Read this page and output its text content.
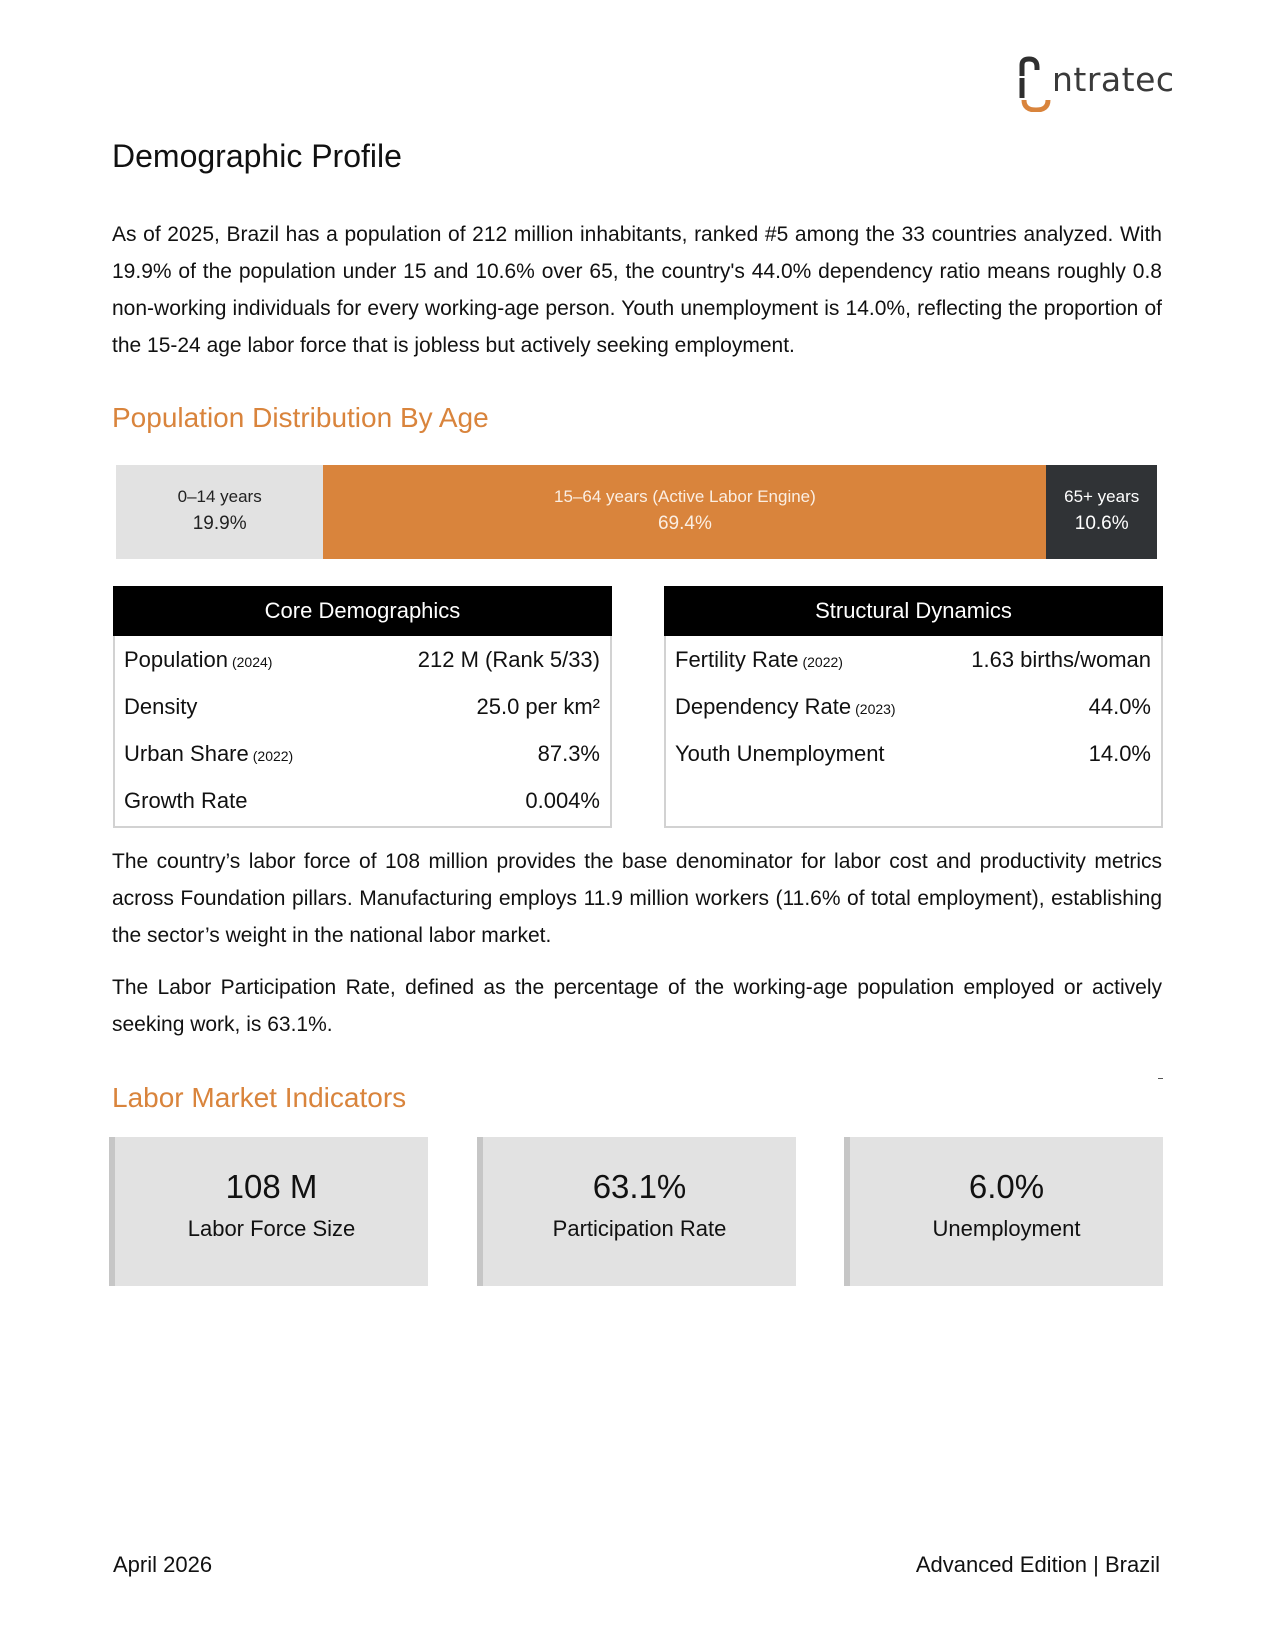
ntratec
Demographic Profile

As of 2025, Brazil has a population of 212 million inhabitants, ranked #5 among the 33 countries analyzed. With 19.9% of the population under 15 and 10.6% over 65, the country's 44.0% dependency ratio means roughly 0.8 non-working individuals for every working-age person. Youth unemployment is 14.0%, reflecting the proportion of the 15-24 age labor force that is jobless but actively seeking employment.

Population Distribution By Age
0–14 years
19.9%
15–64 years (Active Labor Engine)
69.4%
65+ years
10.6%
Core Demographics
Population (2024)	212 M (Rank 5/33)
Density	25.0 per km²
Urban Share (2022)	87.3%
Growth Rate	0.004%
Structural Dynamics
Fertility Rate (2022)	1.63 births/woman
Dependency Rate (2023)	44.0%
Youth Unemployment	14.0%

The country’s labor force of 108 million provides the base denominator for labor cost and productivity metrics across Foundation pillars. Manufacturing employs 11.9 million workers (11.6% of total employment), establishing the sector’s weight in the national labor market.

The Labor Participation Rate, defined as the percentage of the working-age population employed or actively seeking work, is 63.1%.

Labor Market Indicators
108 M
Labor Force Size
63.1%
Participation Rate
6.0%
Unemployment
April 2026	Advanced Edition | Brazil
